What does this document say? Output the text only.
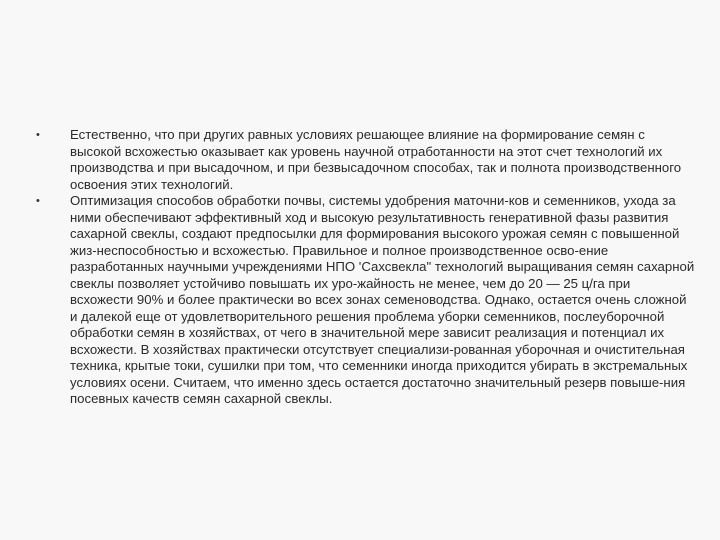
•	Естественно, что при других равных условиях решающее влияние на формирование семян с высокой всхожестью оказывает как уровень научной отработанности на этот счет технологий их производства и при высадочном, и при безвысадочном способах, так и полнота производственного освоения этих технологий.
•	Оптимизация способов обработки почвы, системы удобрения маточни-ков и семенников, ухода за ними обеспечивают эффективный ход и высокую результативность генеративной фазы развития сахарной свеклы, создают предпосылки для формирования высокого урожая семян с повышенной жиз-неспособностью и всхожестью. Правильное и полное производственное осво-ение разработанных научными учреждениями НПО 'Сахсвекла" технологий выращивания семян сахарной свеклы позволяет устойчиво повышать их уро-жайность не менее, чем до 20 — 25 ц/га при всхожести 90% и более практически во всех зонах семеноводства. Однако, остается очень сложной и далекой еще от удовлетворительного решения проблема уборки семенников, послеуборочной обработки семян в хозяйствах, от чего в значительной мере зависит реализация и потенциал их всхожести. В хозяйствах практически отсутствует специализи-рованная уборочная и очистительная техника, крытые токи, сушилки при том, что семенники иногда приходится убирать в экстремальных условиях осени. Считаем, что именно здесь остается достаточно значительный резерв повыше-ния посевных качеств семян сахарной свеклы.
